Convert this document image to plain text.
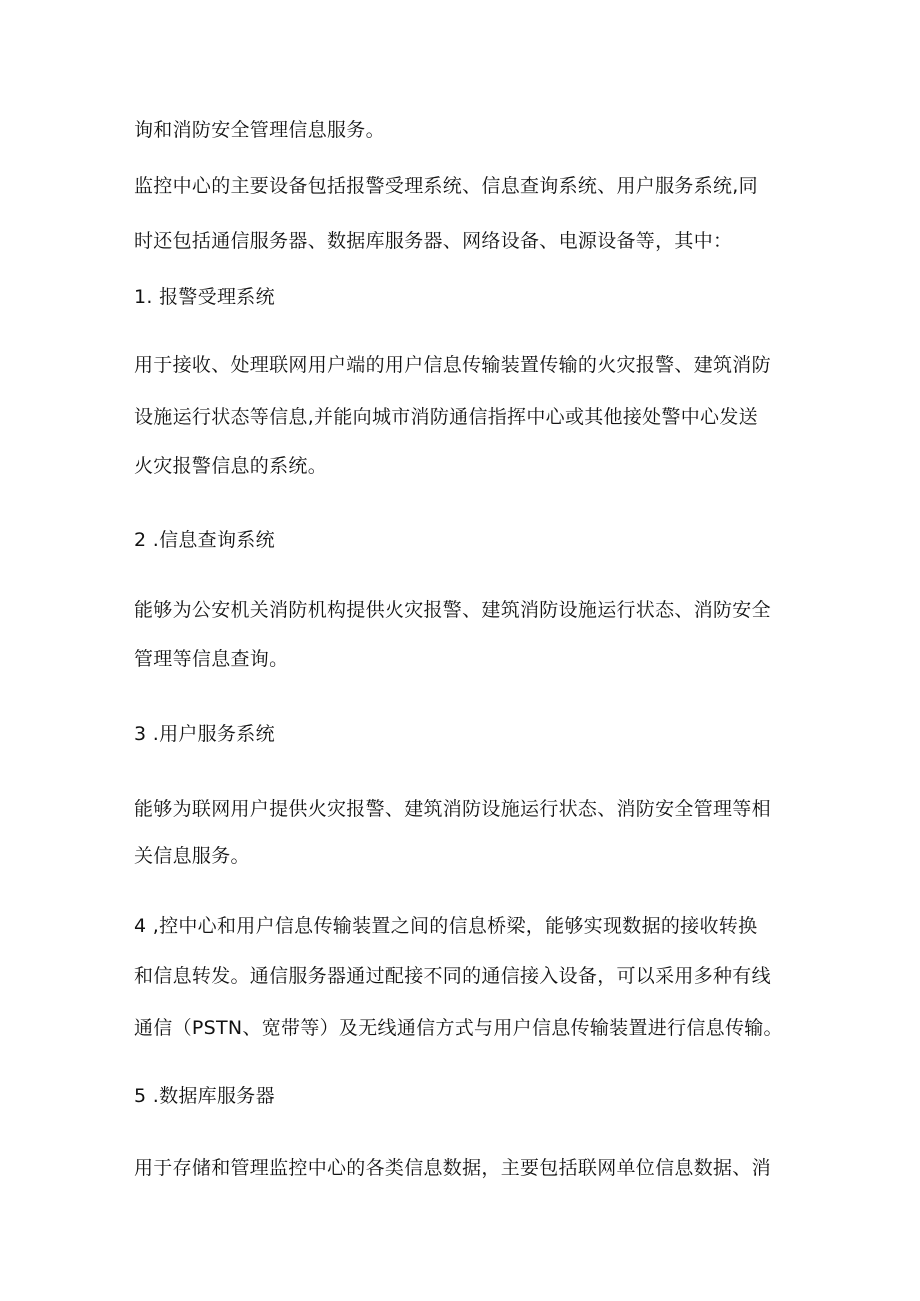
询和消防安全管理信息服务。
监控中心的主要设备包括报警受理系统、信息查询系统、用户服务系统,同
时还包括通信服务器、数据库服务器、网络设备、电源设备等，其中：
1. 报警受理系统
用于接收、处理联网用户端的用户信息传输装置传输的火灾报警、建筑消防
设施运行状态等信息,并能向城市消防通信指挥中心或其他接处警中心发送
火灾报警信息的系统。
2 .信息查询系统
能够为公安机关消防机构提供火灾报警、建筑消防设施运行状态、消防安全
管理等信息查询。
3 .用户服务系统
能够为联网用户提供火灾报警、建筑消防设施运行状态、消防安全管理等相
关信息服务。
4 ,控中心和用户信息传输装置之间的信息桥梁，能够实现数据的接收转换
和信息转发。通信服务器通过配接不同的通信接入设备，可以采用多种有线
通信（PSTN、宽带等）及无线通信方式与用户信息传输装置进行信息传输。
5 .数据库服务器
用于存储和管理监控中心的各类信息数据，主要包括联网单位信息数据、消
